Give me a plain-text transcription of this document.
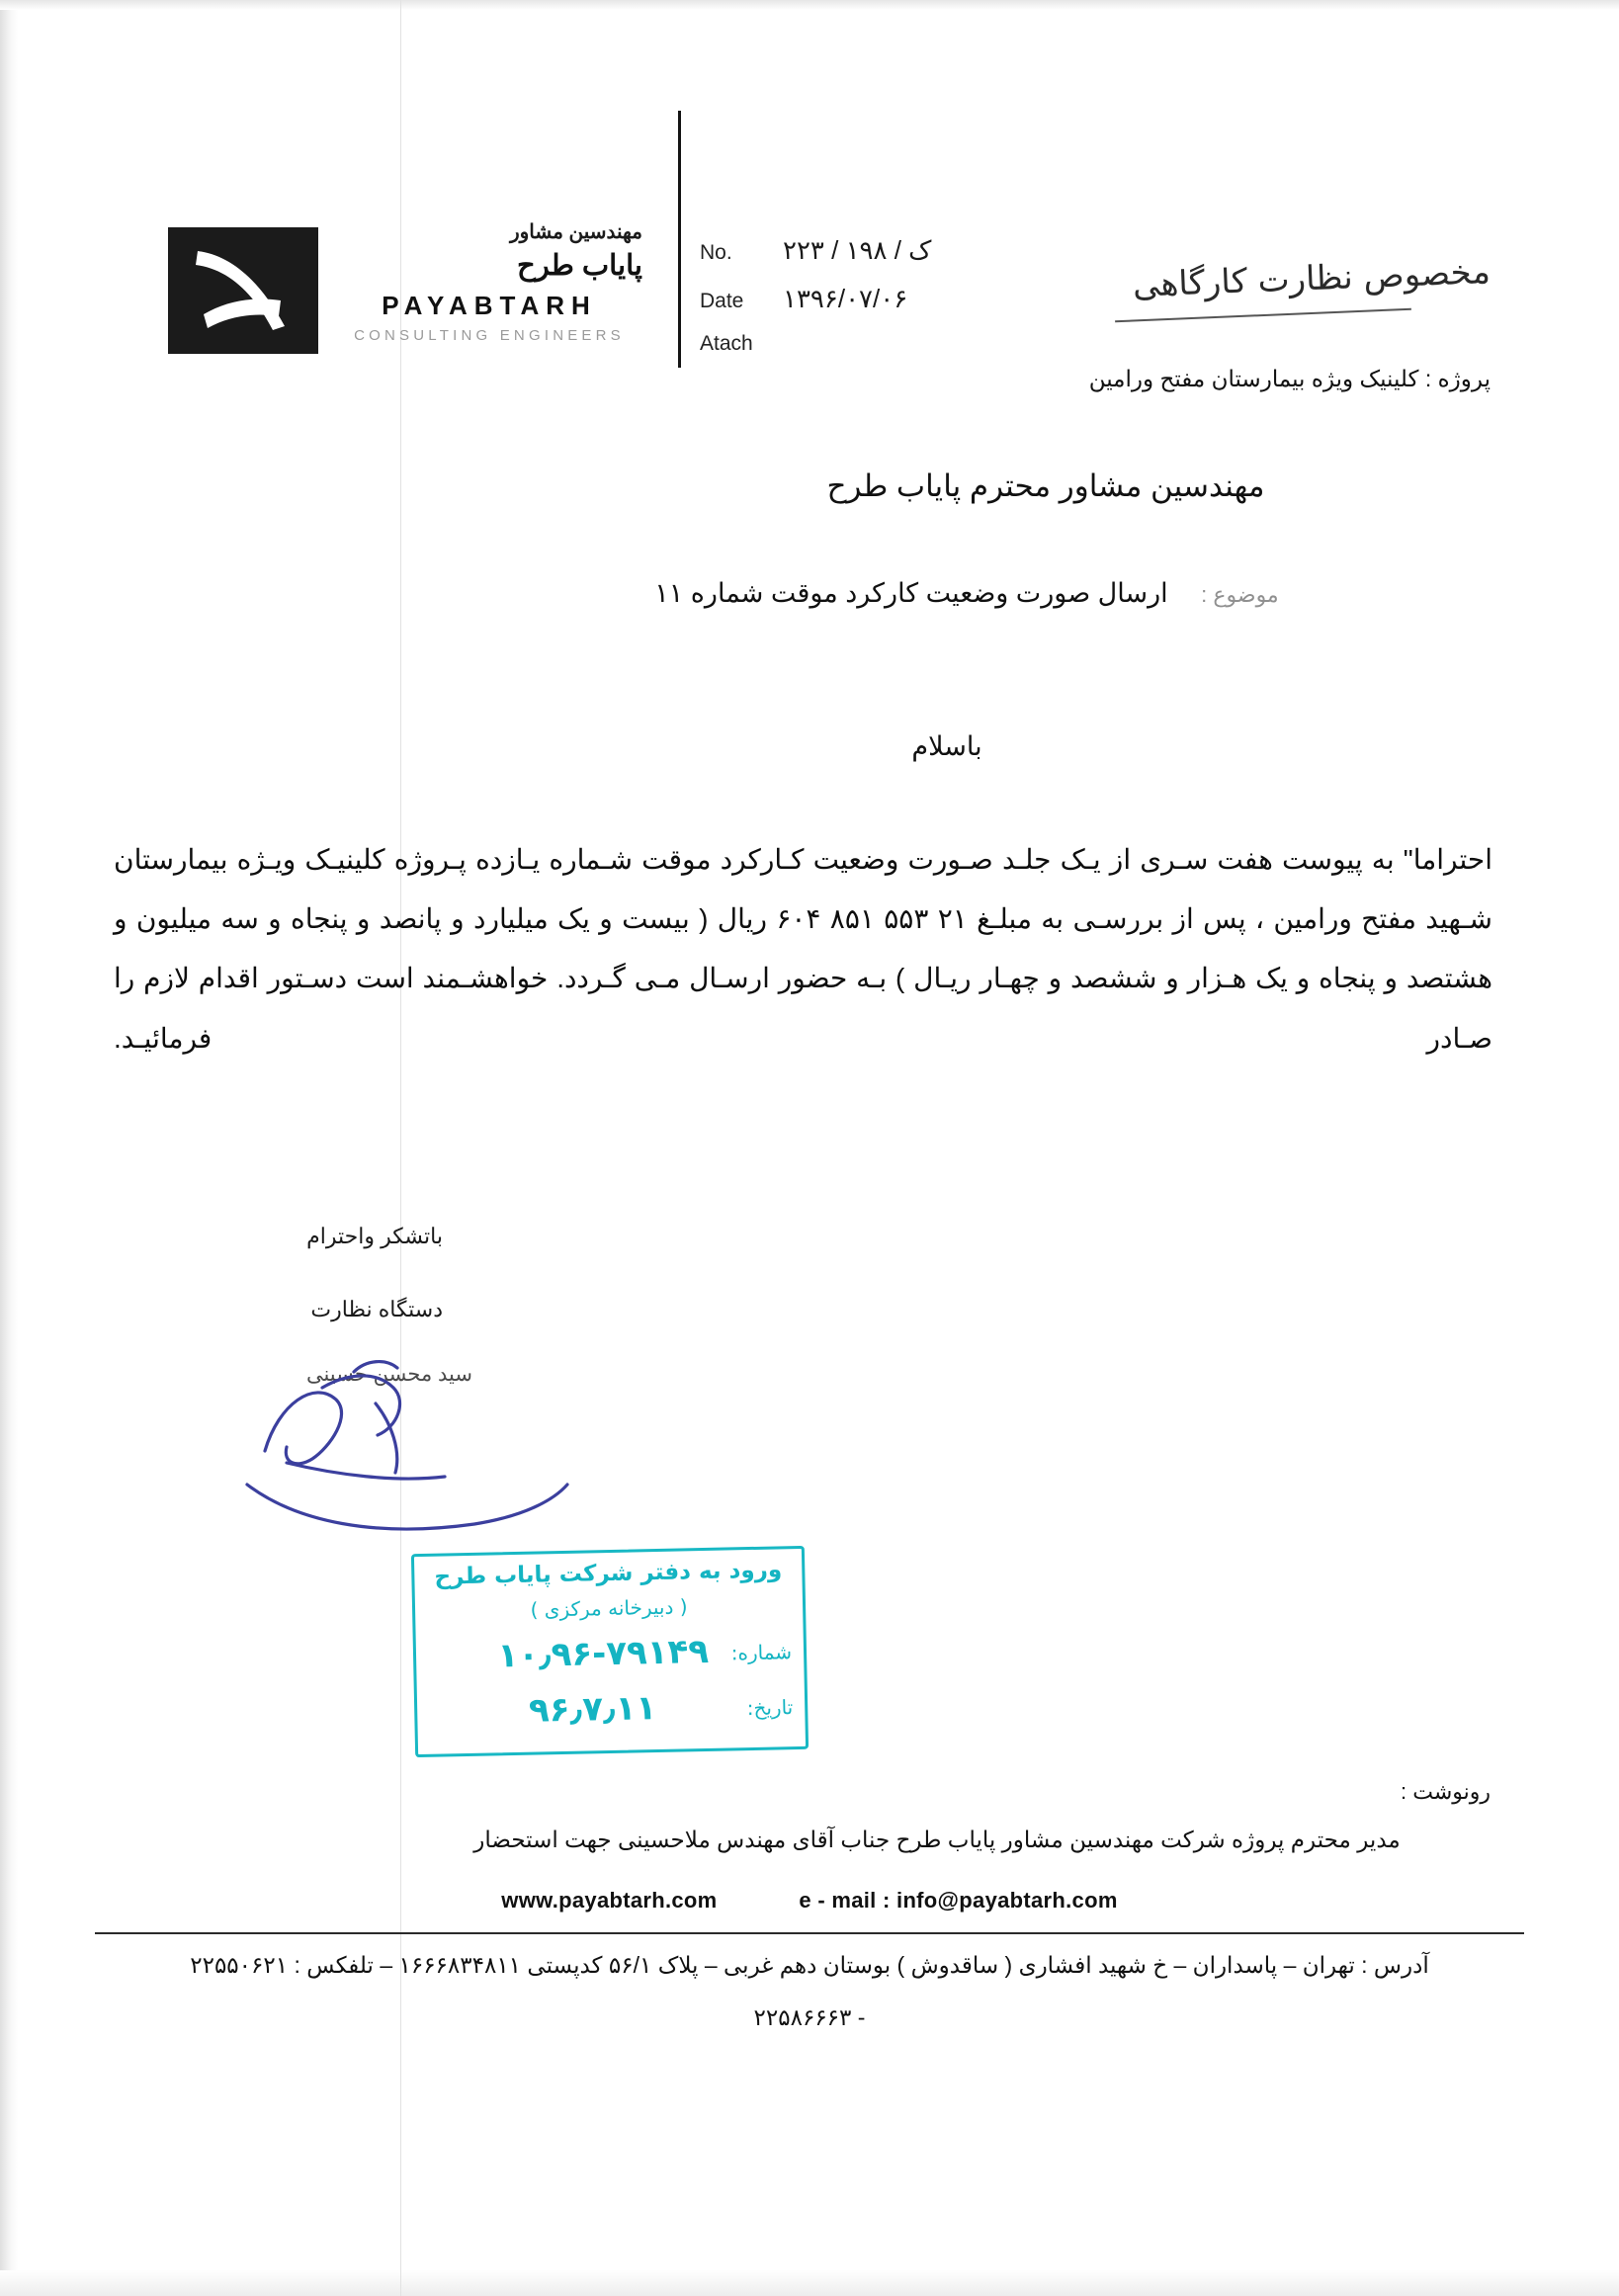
مهندسین مشاور
پایاب طرح
PAYABTARH
CONSULTING ENGINEERS
No.	۲۲۳ / ک / ۱۹۸
Date	۱۳۹۶/۰۷/۰۶
Atach
مخصوص نظارت کارگاهی
پروژه : کلینیک ویژه بیمارستان مفتح ورامین
مهندسین مشاور محترم پایاب طرح
موضوع : ارسال صورت وضعیت کارکرد موقت شماره ۱۱
باسلام
احتراما" به پیوست هفت سـری از یـک جلـد صـورت وضعیت کـارکرد موقت شـماره یـازده پـروژه کلینیـک ویـژه بیمارستان شـهید مفتح ورامین ، پس از بررسـی به مبلـغ ۲۱ ۵۵۳ ۸۵۱ ۶۰۴ ریال ( بیست و یک میلیارد و پانصد و پنجاه و سه میلیون و هشتصد و پنجاه و یک هـزار و ششصد و چهـار ریـال ) بـه حضور ارسـال مـی گـردد. خواهشـمند است دسـتور اقدام لازم را صـادر فرمائیـد.
باتشکر واحترام
دستگاه نظارت
سید محسن حسینی
ورود به دفتر شرکت پایاب طرح
( دبیرخانه مرکزی )
شماره:
۱۰٫۹۶-۷۹۱۴۹
تاریخ:
۹۶٫۷٫۱۱
رونوشت :
مدیر محترم پروژه شرکت مهندسین مشاور پایاب طرح جناب آقای مهندس ملاحسینی جهت استحضار
www.payabtarh.com	e - mail : info@payabtarh.com
آدرس : تهران – پاسداران – خ شهید افشاری ( ساقدوش ) بوستان دهم غربی – پلاک ۵۶/۱ کدپستی ۱۶۶۶۸۳۴۸۱۱ – تلفکس : ۲۲۵۵۰۶۲۱
- ۲۲۵۸۶۶۶۳
